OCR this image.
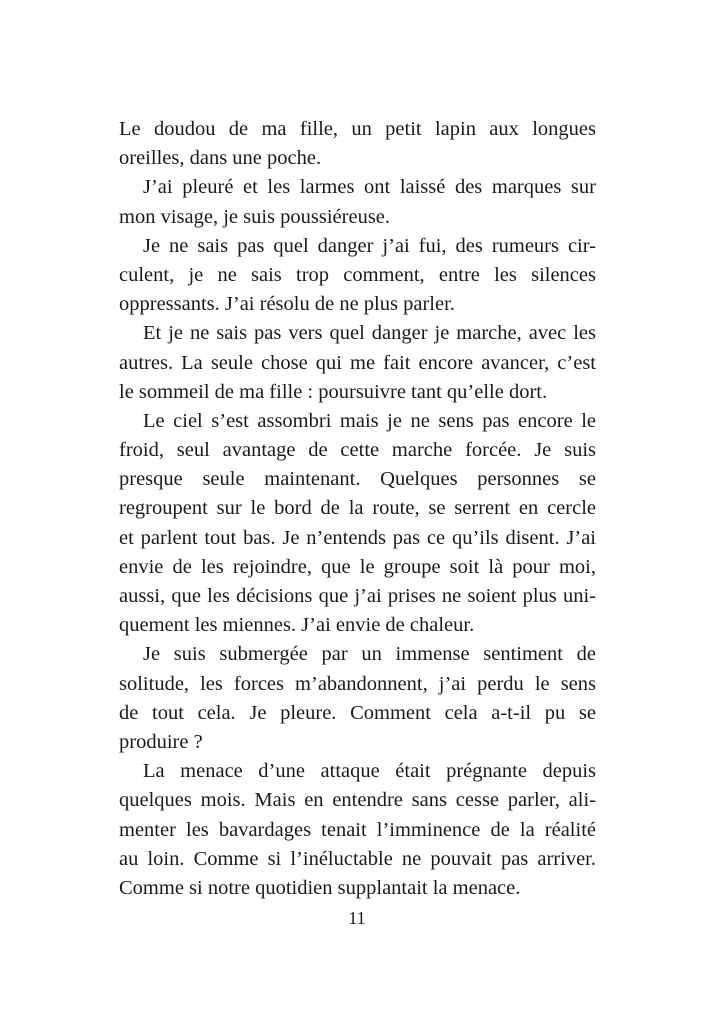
Le doudou de ma fille, un petit lapin aux longues
oreilles, dans une poche.
J’ai pleuré et les larmes ont laissé des marques sur
mon visage, je suis poussiéreuse.
Je ne sais pas quel danger j’ai fui, des rumeurs cir-
culent, je ne sais trop comment, entre les silences
oppressants. J’ai résolu de ne plus parler.
Et je ne sais pas vers quel danger je marche, avec les
autres. La seule chose qui me fait encore avancer, c’est
le sommeil de ma fille : poursuivre tant qu’elle dort.
Le ciel s’est assombri mais je ne sens pas encore le
froid, seul avantage de cette marche forcée. Je suis
presque seule maintenant. Quelques personnes se
regroupent sur le bord de la route, se serrent en cercle
et parlent tout bas. Je n’entends pas ce qu’ils disent. J’ai
envie de les rejoindre, que le groupe soit là pour moi,
aussi, que les décisions que j’ai prises ne soient plus uni-
quement les miennes. J’ai envie de chaleur.
Je suis submergée par un immense sentiment de
solitude, les forces m’abandonnent, j’ai perdu le sens
de tout cela. Je pleure. Comment cela a-t-il pu se
produire ?
La menace d’une attaque était prégnante depuis
quelques mois. Mais en entendre sans cesse parler, ali-
menter les bavardages tenait l’imminence de la réalité
au loin. Comme si l’inéluctable ne pouvait pas arriver.
Comme si notre quotidien supplantait la menace.
11
